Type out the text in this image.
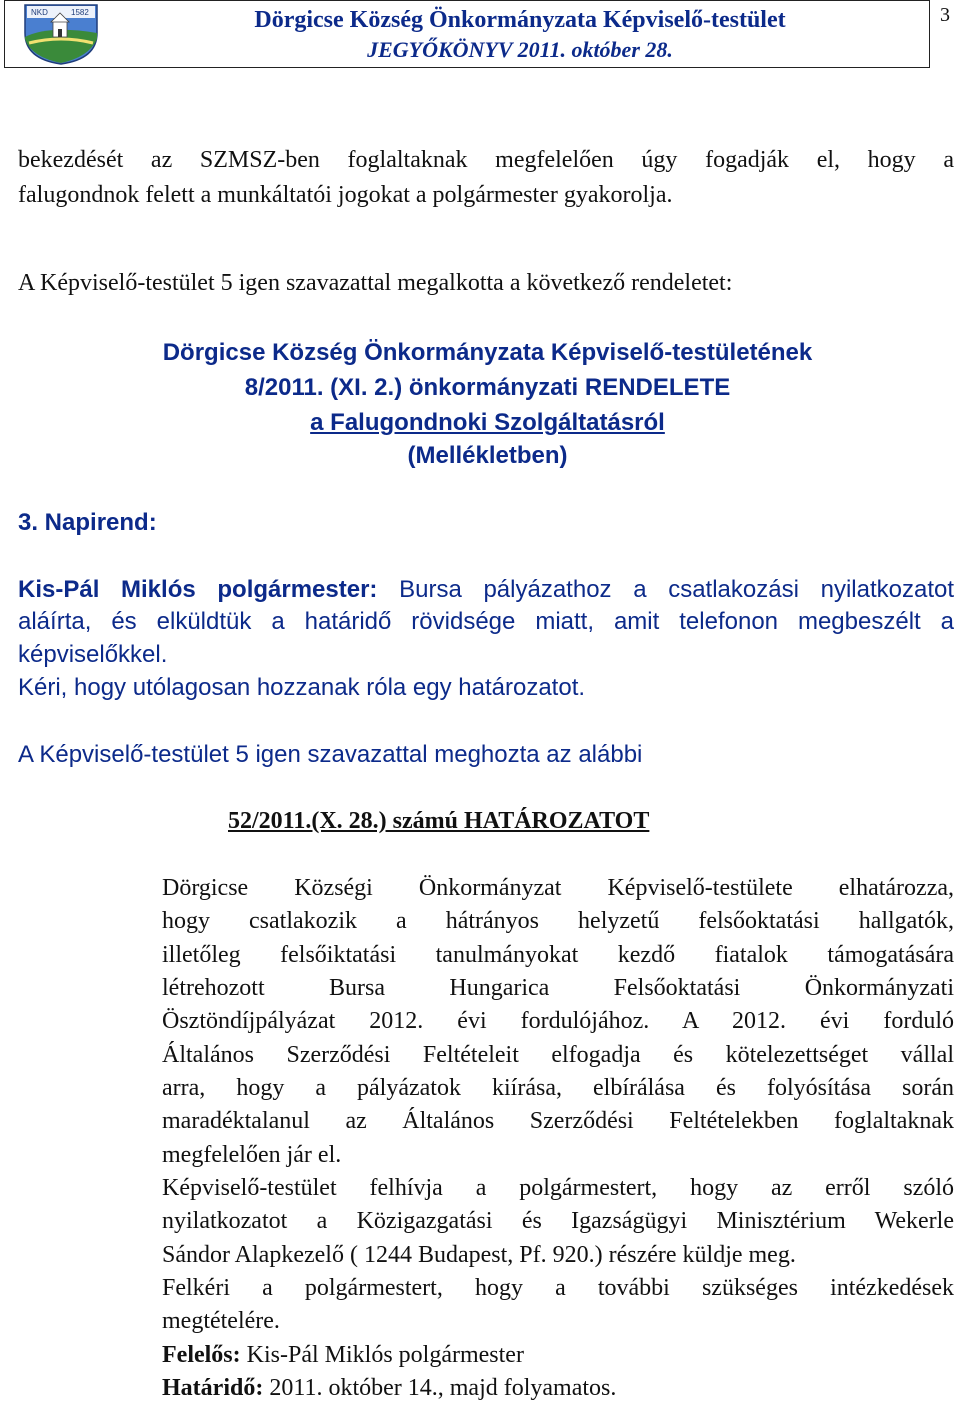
NKD	1582	Dörgicse Község Önkormányzata Képviselő-testület
JEGYŐKÖNYV 2011. október 28.
3
bekezdését az SZMSZ-ben foglaltaknak megfelelően úgy fogadják el, hogy a
falugondnok felett a munkáltatói jogokat a polgármester gyakorolja.
A Képviselő-testület 5 igen szavazattal megalkotta a következő rendeletet:
Dörgicse Község Önkormányzata Képviselő-testületének
8/2011. (XI. 2.) önkormányzati RENDELETE
a Falugondnoki Szolgáltatásról
(Mellékletben)
3. Napirend:
Kis-Pál Miklós polgármester: Bursa pályázathoz a csatlakozási nyilatkozatot
aláírta, és elküldtük a határidő rövidsége miatt, amit telefonon megbeszélt a
képviselőkkel.
Kéri, hogy utólagosan hozzanak róla egy határozatot.
A Képviselő-testület 5 igen szavazattal meghozta az alábbi
52/2011.(X. 28.) számú HATÁROZATOT
Dörgicse Községi Önkormányzat Képviselő-testülete elhatározza,
hogy csatlakozik a hátrányos helyzetű felsőoktatási hallgatók,
illetőleg felsőiktatási tanulmányokat kezdő fiatalok támogatására
létrehozott Bursa Hungarica Felsőoktatási Önkormányzati
Ösztöndíjpályázat 2012. évi fordulójához. A 2012. évi forduló
Általános Szerződési Feltételeit elfogadja és kötelezettséget vállal
arra, hogy a pályázatok kiírása, elbírálása és folyósítása során
maradéktalanul az Általános Szerződési Feltételekben foglaltaknak
megfelelően jár el.
Képviselő-testület felhívja a polgármestert, hogy az erről szóló
nyilatkozatot a Közigazgatási és Igazságügyi Minisztérium Wekerle
Sándor Alapkezelő ( 1244 Budapest, Pf. 920.) részére küldje meg.
Felkéri a polgármestert, hogy a további szükséges intézkedések
megtételére.
Felelős: Kis-Pál Miklós polgármester
Határidő: 2011. október 14., majd folyamatos.
